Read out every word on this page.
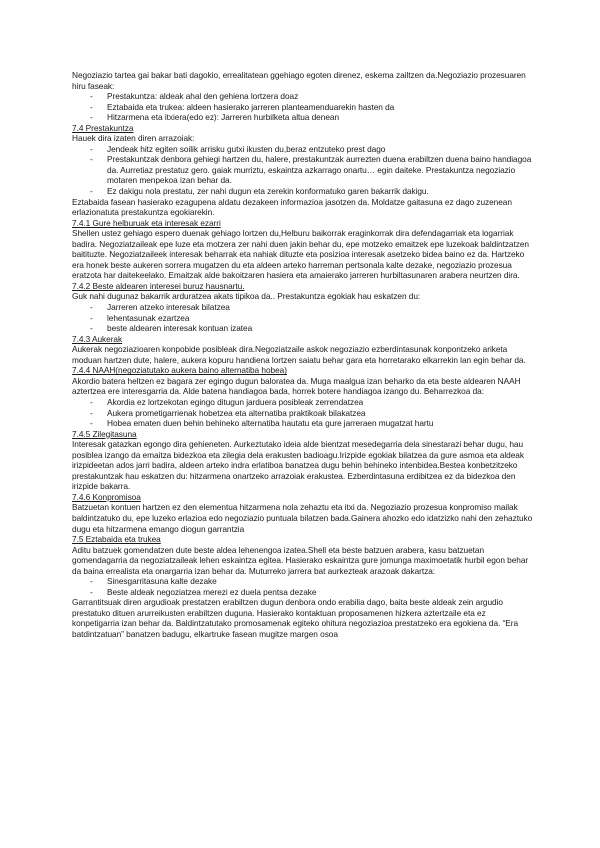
Negoziazio tartea gai bakar bati dagokio, errealitatean ggehiago egoten direnez, eskema zailtzen da.Negoziazio prozesuaren hiru faseak:

- Prestakuntza: aldeak ahal den gehiena lortzera doaz
- Eztabaida eta trukea: aldeen hasierako jarreren planteamenduarekin hasten da
- Hitzarmena eta itxiera(edo ez): Jarreren hurbilketa altua denean

7.4 Prestakuntza

Hauek dira izaten diren arrazoiak:

- Jendeak hitz egiten soilik arrisku gutxi ikusten du,beraz entzuteko prest dago
- Prestakuntzak denbora gehiegi hartzen du, halere, prestakuntzak aurrezten duena erabiltzen duena baino handiagoa da. Aurretiaz prestatuz gero. gaiak murriztu, eskaintza azkarrago onartu… egin daiteke. Prestakuntza negoziazio motaren menpekoa izan behar da.
- Ez dakigu nola prestatu, zer nahi dugun eta zerekin konformatuko garen bakarrik dakigu.

Eztabaida fasean hasierako ezagupena aldatu dezakeen informazioa jasotzen da. Moldatze gaitasuna ez dago zuzenean erlazionatuta prestakuntza egokiarekin.

7.4.1 Gure helburuak eta interesak ezarri

Shellen ustez gehiago espero duenak gehiago lortzen du,Helburu baikorrak eraginkorrak dira defendagarriak eta logarriak badira. Negoziatzaileak epe luze eta motzera zer nahi duen jakin behar du, epe motzeko emaitzek epe luzekoak baldintzatzen baitituzte. Negoziatzaileek interesak beharrak eta nahiak dituzte eta posizioa interesak asetzeko bidea baino ez da. Hartzeko era honek beste aukeren sorrera mugatzen du eta aldeen arteko harreman pertsonala kalte dezake, negoziazio prozesua eratzota har daitekeelako. Emaitzak alde bakoitzaren hasiera eta amaierako jarreren hurbiltasunaren arabera neurtzen dira.

7.4.2 Beste aldearen interesei buruz hausnartu.

Guk nahi dugunaz bakarrik arduratzea akats tipikoa da.. Prestakuntza egokiak hau eskatzen du:

- Jarreren atzeko interesak bilatzea
- lehentasunak ezartzea
- beste aldearen interesak kontuan izatea

7.4.3 Aukerak

Aukerak negoziazioaren konpobide posibleak dira.Negoziatzaile askok negoziazio ezberdintasunak konpontzeko ariketa moduan hartzen dute, halere, aukera kopuru handiena lortzen saiatu behar gara eta horretarako elkarrekin lan egin behar da.

7.4.4 NAAH(negoziatutako aukera baino alternatiba hobea)

Akordio batera heltzen ez bagara zer egingo dugun baloratea da. Muga maalgua izan beharko da eta beste aldearen NAAH aztertzea ere interesgarria da. Alde batena handiagoa bada, horrek botere handiagoa izango du. Beharrezkoa da:

- Akordia ez lortzekotan egingo ditugun jarduera posibleak zerrendatzea
- Aukera prometigarrienak hobetzea eta alternatiba praktikoak bilakatzea
- Hobea ematen duen behin behineko alternatiba hautatu eta gure jarreraen mugatzat hartu

7.4.5 Zilegitasuna

Interesak gatazkan egongo dira gehieneten. Aurkeztutako ideia alde bientzat mesedegarria dela sinestarazi behar dugu, hau posiblea izango da emaitza bidezkoa eta zilegia dela erakusten badioagu.Irizpide egokiak bilatzea da gure asmoa eta aldeak irizpideetan ados jarri badira, aldeen arteko indra erlatiboa banatzea dugu behin behineko intenbidea.Bestea konbetzitzeko prestakuntzak hau eskatzen du: hitzarmena onartzeko arrazoiak erakustea. Ezberdintasuna erdibitzea ez da bidezkoa den irizpide bakarra.

7.4.6 Konpromisoa

Batzuetan kontuen hartzen ez den elementua hitzarmena nola zehaztu eta itxi da. Negoziazio prozesua konpromiso mailak baldintzatuko du, epe luzeko erlazioa edo negoziazio puntuala bilatzen bada.Gainera ahozko edo idatzizko nahi den zehaztuko dugu eta hitzarmena emango diogun garrantzia

7.5 Eztabaida eta trukea

Aditu batzuek gomendatzen dute beste aldea lehenengoa izatea.Shell eta beste batzuen arabera, kasu batzuetan gomendagarria da negoziatzaileak lehen eskaintza egitea. Hasierako eskaintza gure jomunga maximoetatik hurbil egon behar da baina errealista eta onargarria izan behar da. Muturreko jarrera bat aurkezteak arazoak dakartza:

- Sinesgarritasuna kalte dezake
- Beste aldeak negoziatzea merezi ez duela pentsa dezake

Garrantitsuak diren argudioak prestatzen erabiltzen dugun denbora ondo erabilia dago, baita beste aldeak zein argudio prestatuko dituen arurreikusten erabiltzen duguna. Hasierako kontaktuan proposamenen hizkera aztertzaile eta ez konpetigarria izan behar da. Baldintzatutako promosamenak egiteko ohitura negoziazioa prestatzeko era egokiena da. “Era batdintzatuan” banatzen badugu, elkartruke fasean mugitze margen osoa
